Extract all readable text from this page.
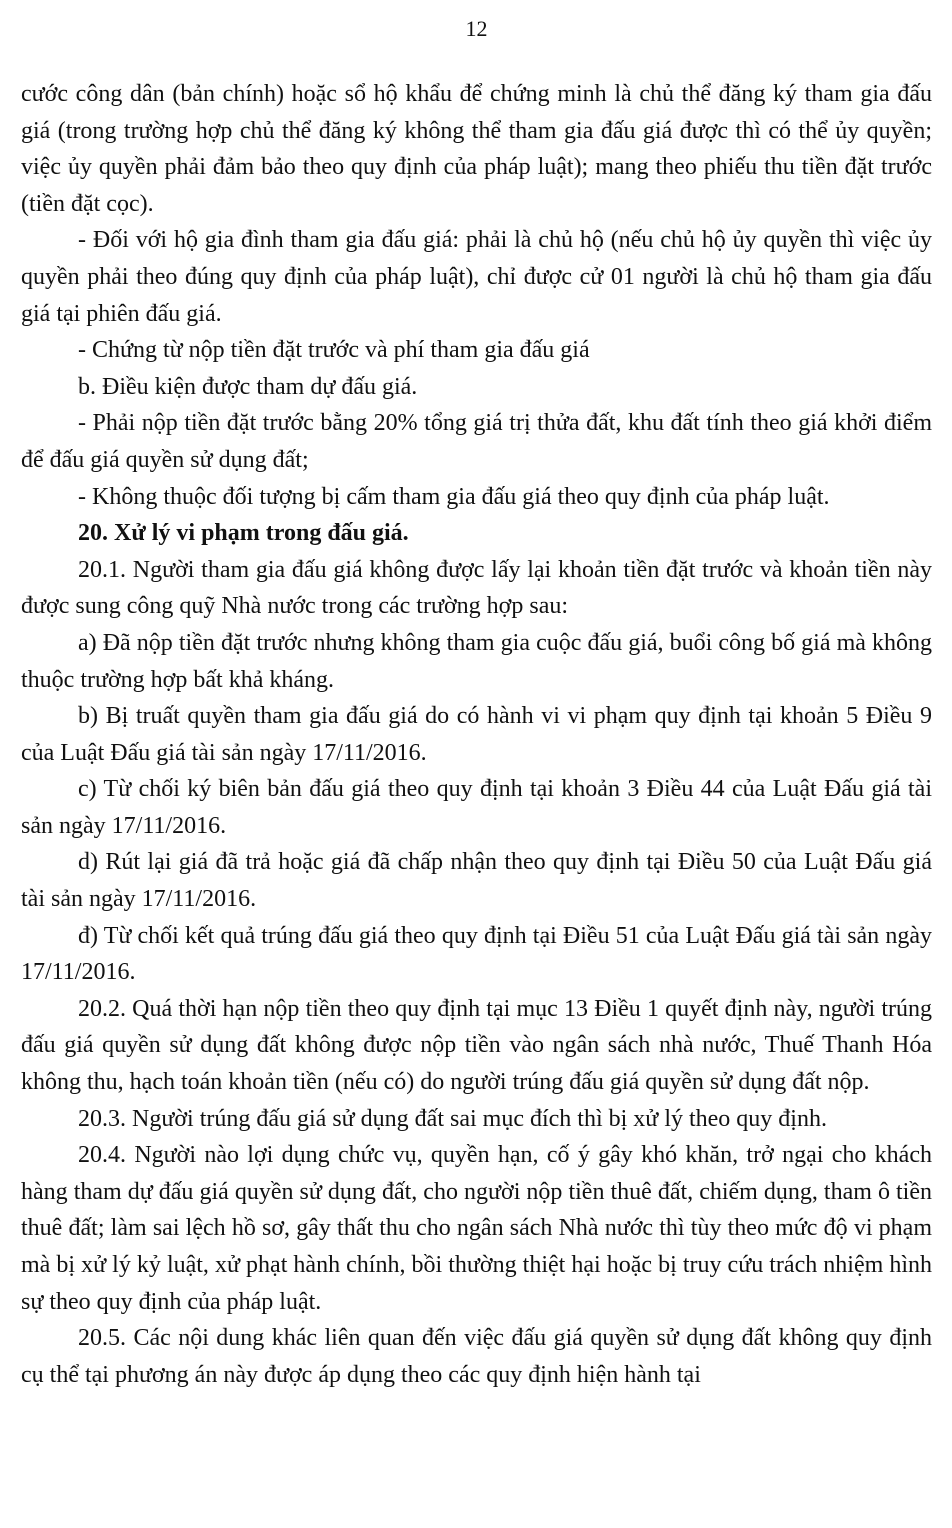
12

cước công dân (bản chính) hoặc sổ hộ khẩu để chứng minh là chủ thể đăng ký tham gia đấu giá (trong trường hợp chủ thể đăng ký không thể tham gia đấu giá được thì có thể ủy quyền; việc ủy quyền phải đảm bảo theo quy định của pháp luật); mang theo phiếu thu tiền đặt trước (tiền đặt cọc).

- Đối với hộ gia đình tham gia đấu giá: phải là chủ hộ (nếu chủ hộ ủy quyền thì việc ủy quyền phải theo đúng quy định của pháp luật), chỉ được cử 01 người là chủ hộ tham gia đấu giá tại phiên đấu giá.

- Chứng từ nộp tiền đặt trước và phí tham gia đấu giá

b. Điều kiện được tham dự đấu giá.

- Phải nộp tiền đặt trước bằng 20% tổng giá trị thửa đất, khu đất tính theo giá khởi điểm để đấu giá quyền sử dụng đất;

- Không thuộc đối tượng bị cấm tham gia đấu giá theo quy định của pháp luật.

20. Xử lý vi phạm trong đấu giá.

20.1. Người tham gia đấu giá không được lấy lại khoản tiền đặt trước và khoản tiền này được sung công quỹ Nhà nước trong các trường hợp sau:

a) Đã nộp tiền đặt trước nhưng không tham gia cuộc đấu giá, buổi công bố giá mà không thuộc trường hợp bất khả kháng.

b) Bị truất quyền tham gia đấu giá do có hành vi vi phạm quy định tại khoản 5 Điều 9 của Luật Đấu giá tài sản ngày 17/11/2016.

c) Từ chối ký biên bản đấu giá theo quy định tại khoản 3 Điều 44 của Luật Đấu giá tài sản ngày 17/11/2016.

d) Rút lại giá đã trả hoặc giá đã chấp nhận theo quy định tại Điều 50 của Luật Đấu giá tài sản ngày 17/11/2016.

đ) Từ chối kết quả trúng đấu giá theo quy định tại Điều 51 của Luật Đấu giá tài sản ngày 17/11/2016.

20.2. Quá thời hạn nộp tiền theo quy định tại mục 13 Điều 1 quyết định này, người trúng đấu giá quyền sử dụng đất không được nộp tiền vào ngân sách nhà nước, Thuế Thanh Hóa không thu, hạch toán khoản tiền (nếu có) do người trúng đấu giá quyền sử dụng đất nộp.

20.3. Người trúng đấu giá sử dụng đất sai mục đích thì bị xử lý theo quy định.

20.4. Người nào lợi dụng chức vụ, quyền hạn, cố ý gây khó khăn, trở ngại cho khách hàng tham dự đấu giá quyền sử dụng đất, cho người nộp tiền thuê đất, chiếm dụng, tham ô tiền thuê đất; làm sai lệch hồ sơ, gây thất thu cho ngân sách Nhà nước thì tùy theo mức độ vi phạm mà bị xử lý kỷ luật, xử phạt hành chính, bồi thường thiệt hại hoặc bị truy cứu trách nhiệm hình sự theo quy định của pháp luật.

20.5. Các nội dung khác liên quan đến việc đấu giá quyền sử dụng đất không quy định cụ thể tại phương án này được áp dụng theo các quy định hiện hành tại
